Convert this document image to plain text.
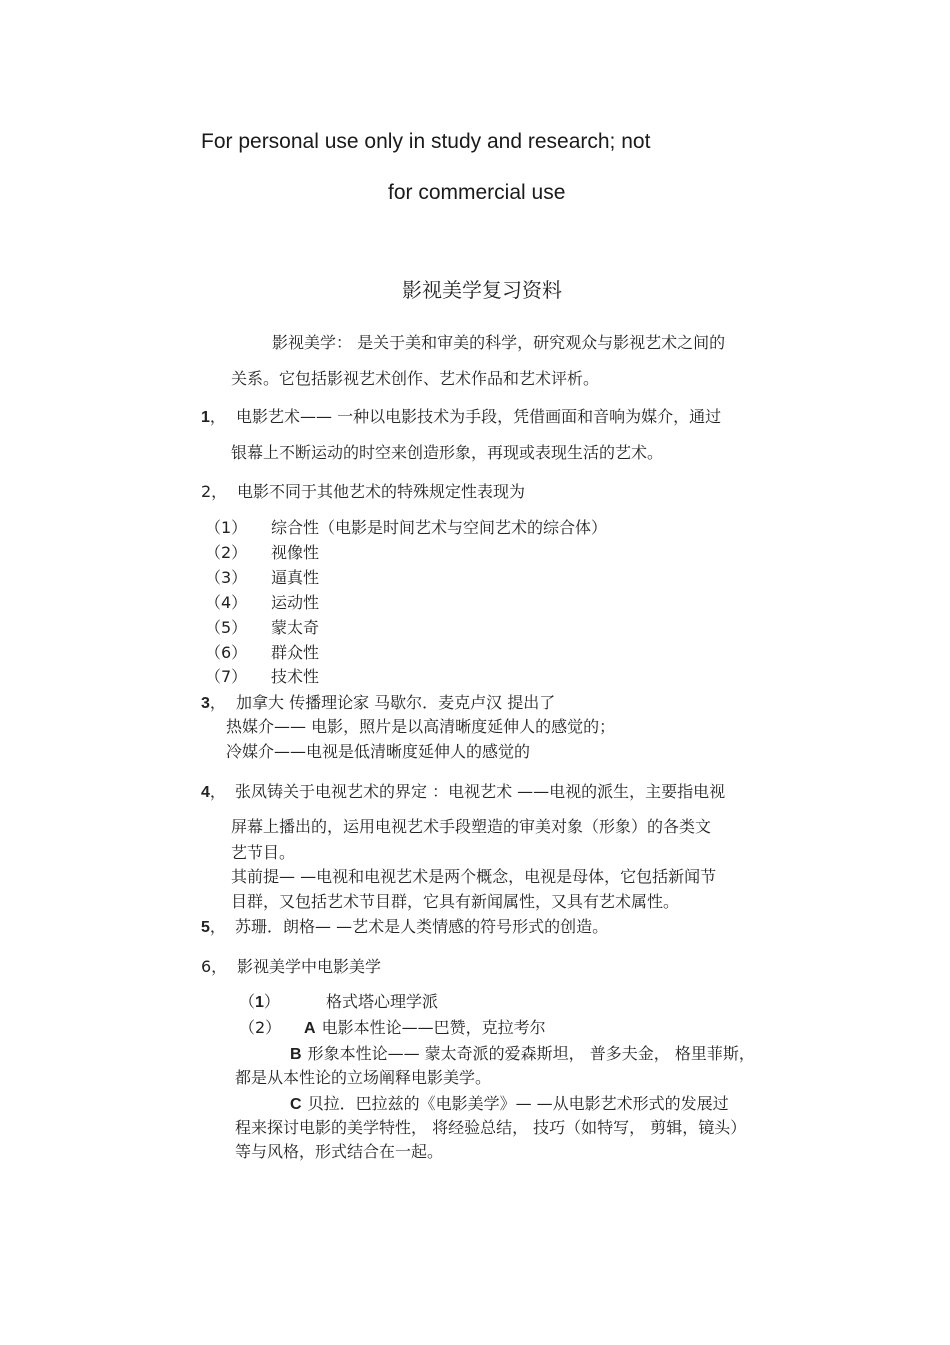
For personal use only in study and research; not
for commercial use
影视美学复习资料
影视美学： 是关于美和审美的科学，研究观众与影视艺术之间的
关系。它包括影视艺术创作、艺术作品和艺术评析。
1， 电影艺术—— 一种以电影技术为手段，凭借画面和音响为媒介，通过
银幕上不断运动的时空来创造形象，再现或表现生活的艺术。
2， 电影不同于其他艺术的特殊规定性表现为
（1） 综合性（电影是时间艺术与空间艺术的综合体）
（2） 视像性
（3） 逼真性
（4） 运动性
（5） 蒙太奇
（6） 群众性
（7） 技术性
3， 加拿大 传播理论家 马歇尔．麦克卢汉 提出了
热媒介—— 电影，照片是以高清晰度延伸人的感觉的；
冷媒介——电视是低清晰度延伸人的感觉的
4， 张凤铸关于电视艺术的界定 ：电视艺术 ——电视的派生，主要指电视
屏幕上播出的，运用电视艺术手段塑造的审美对象（形象）的各类文
艺节目。
其前提— —电视和电视艺术是两个概念，电视是母体，它包括新闻节
目群，又包括艺术节目群，它具有新闻属性，又具有艺术属性。
5， 苏珊．朗格— —艺术是人类情感的符号形式的创造。
6， 影视美学中电影美学
（1）	格式塔心理学派
（2） A 电影本性论——巴赞，克拉考尔
B 形象本性论—— 蒙太奇派的爱森斯坦， 普多夫金， 格里菲斯，
都是从本性论的立场阐释电影美学。
C 贝拉．巴拉兹的《电影美学》— —从电影艺术形式的发展过
程来探讨电影的美学特性， 将经验总结， 技巧（如特写， 剪辑，镜头）
等与风格，形式结合在一起。
